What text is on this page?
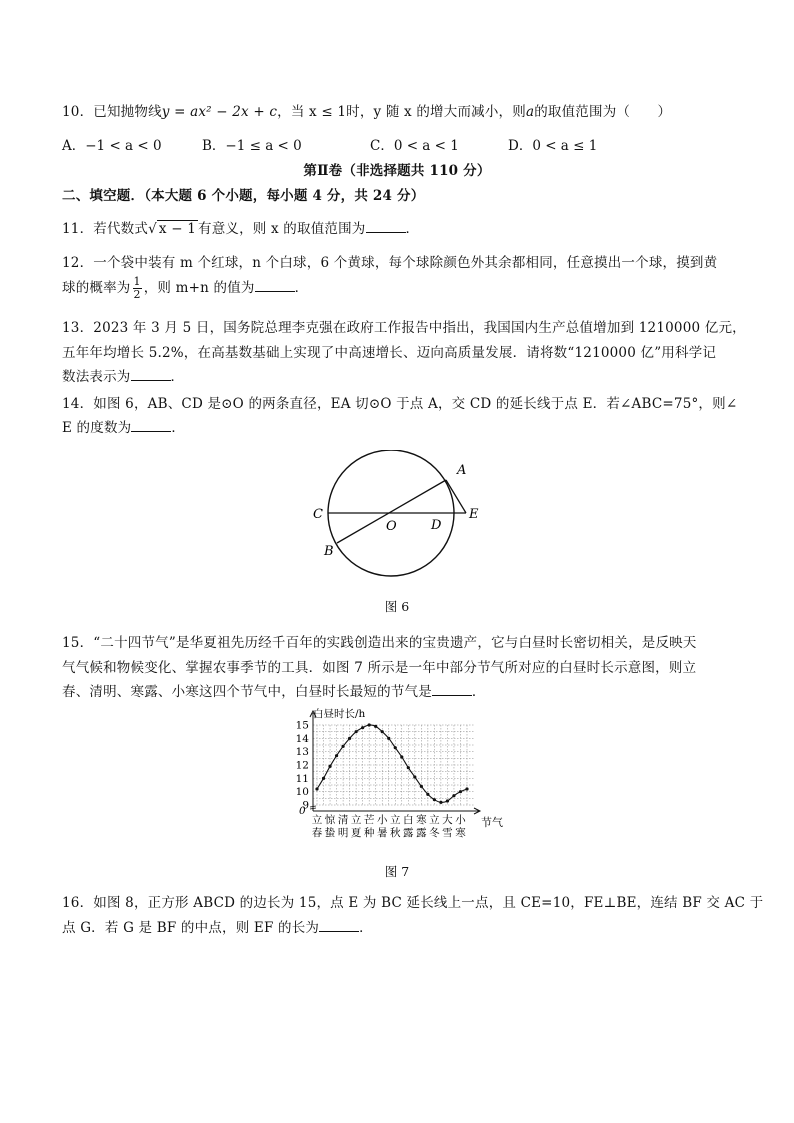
10．已知抛物线y = ax² − 2x + c，当 x ≤ 1时，y 随 x 的增大而减小，则a的取值范围为（　　）
A．−1 < a < 0	B．−1 ≤ a < 0	C．0 < a < 1	D．0 < a ≤ 1
第Ⅱ卷（非选择题共 110 分）
二、填空题．（本大题 6 个小题，每小题 4 分，共 24 分）
11．若代数式√ x − 1 有意义，则 x 的取值范围为	．
12．一个袋中装有 m 个红球，n 个白球，6 个黄球，每个球除颜色外其余都相同，任意摸出一个球，摸到黄
球的概率为 $\frac{1}{2}$ ，则 m+n 的值为	．
13．2023 年 3 月 5 日，国务院总理李克强在政府工作报告中指出，我国国内生产总值增加到 1210000 亿元，
五年年均增长 5.2%，在高基数基础上实现了中高速增长、迈向高质量发展．请将数“1210000 亿”用科学记
数法表示为	．
14．如图 6，AB、CD 是⊙O 的两条直径，EA 切⊙O 于点 A，交 CD 的延长线于点 E．若∠ABC=75°，则∠
E 的度数为	．
A
B
C
D
E
O
图 6
15．“二十四节气”是华夏祖先历经千百年的实践创造出来的宝贵遗产，它与白昼时长密切相关，是反映天
气气候和物候变化、掌握农事季节的工具．如图 7 所示是一年中部分节气所对应的白昼时长示意图，则立
春、清明、寒露、小寒这四个节气中，白昼时长最短的节气是	．
9
10
11
12
13
14
15
立
春
惊
蛰
清
明
立
夏
芒
种
小
暑
立
秋
白
露
寒
露
立
冬
大
雪
小
寒
白昼时长/h
节气
0
图 7
16．如图 8，正方形 ABCD 的边长为 15，点 E 为 BC 延长线上一点，且 CE=10，FE⊥BE，连结 BF 交 AC 于
点 G．若 G 是 BF 的中点，则 EF 的长为	．
